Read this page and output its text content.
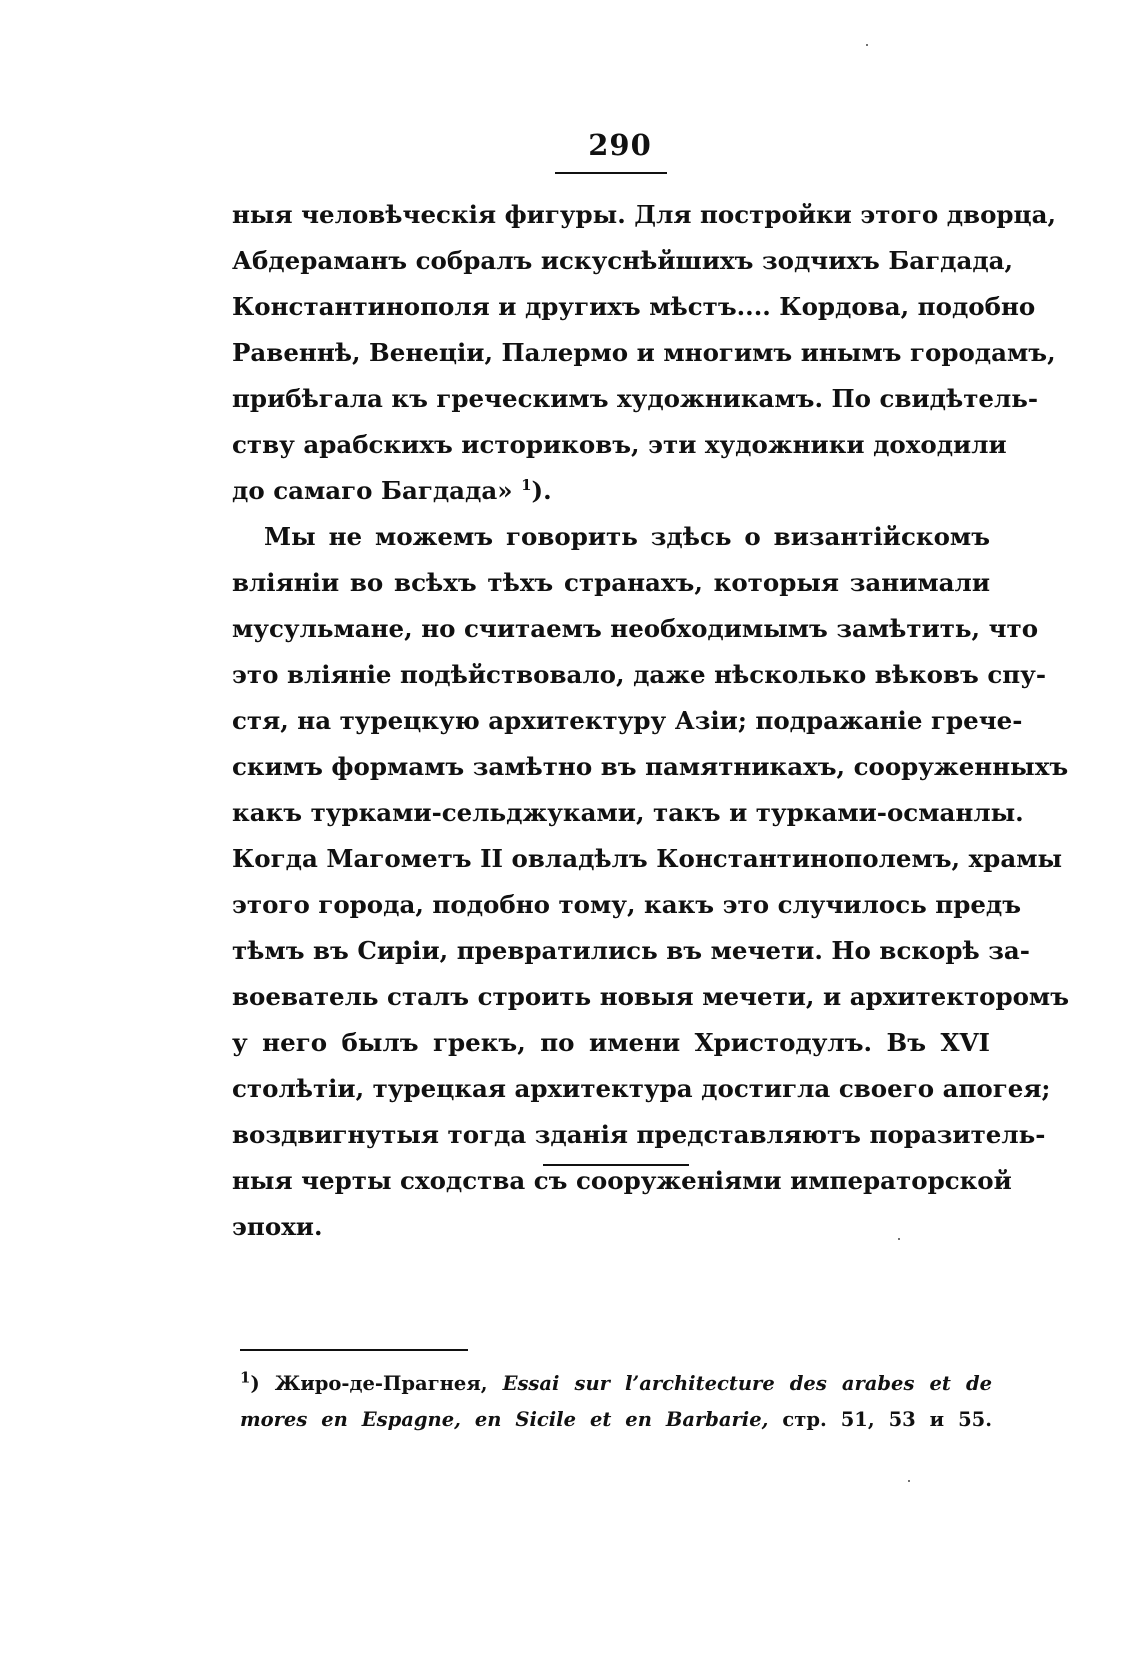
290
ныя человѣческія фигуры. Для постройки этого дворца,
Абдераманъ собралъ искуснѣйшихъ зодчихъ Багдада,
Константинополя и другихъ мѣстъ.... Кордова, подобно
Равеннѣ, Венеціи, Палермо и многимъ инымъ городамъ,
прибѣгала къ греческимъ художникамъ. По свидѣтель-
ству арабскихъ историковъ, эти художники доходили
до самаго Багдада» $^1$).
Мы не можемъ говорить здѣсь о византійскомъ
вліяніи во всѣхъ тѣхъ странахъ, которыя занимали
мусульмане, но считаемъ необходимымъ замѣтить, что
это вліяніе подѣйствовало, даже нѣсколько вѣковъ спу-
стя, на турецкую архитектуру Азіи; подражаніе грече-
скимъ формамъ замѣтно въ памятникахъ, сооруженныхъ
какъ турками-сельджуками, такъ и турками-османлы.
Когда Магометъ II овладѣлъ Константинополемъ, храмы
этого города, подобно тому, какъ это случилось предъ
тѣмъ въ Сиріи, превратились въ мечети. Но вскорѣ за-
воеватель сталъ строить новыя мечети, и архитекторомъ
у него былъ грекъ, по имени Христодулъ. Въ XVI
столѣтіи, турецкая архитектура достигла своего апогея;
воздвигнутыя тогда зданія представляютъ поразитель-
ныя черты сходства съ сооруженіями императорской
эпохи.
$^1$) Жиро-де-Прагнея, Essai sur l’architecture des arabes et de
mores en Espagne, en Sicile et en Barbarie, стр. 51, 53 и 55.
